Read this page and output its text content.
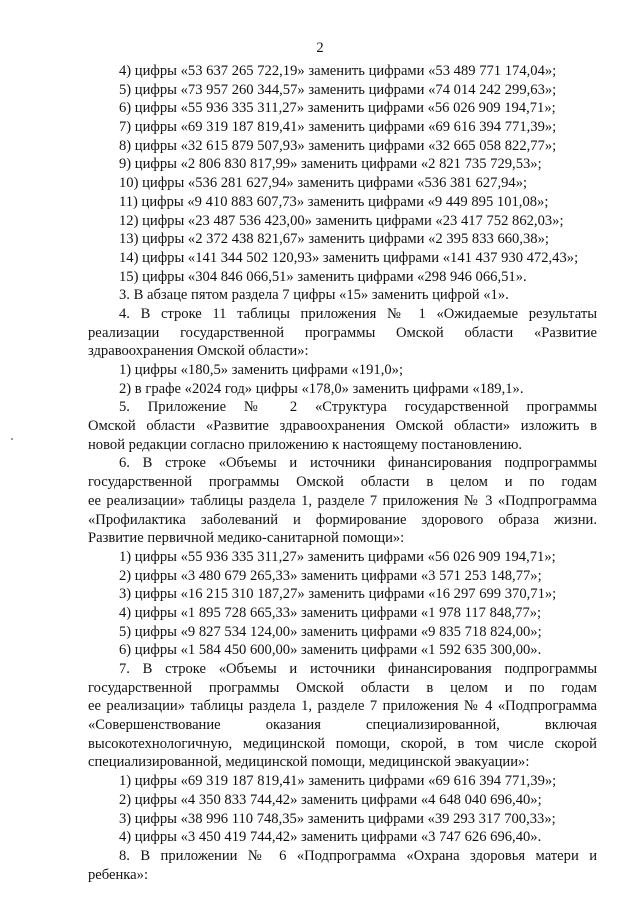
2
4) цифры «53 637 265 722,19» заменить цифрами «53 489 771 174,04»;
5) цифры «73 957 260 344,57» заменить цифрами «74 014 242 299,63»;
6) цифры «55 936 335 311,27» заменить цифрами «56 026 909 194,71»;
7) цифры «69 319 187 819,41» заменить цифрами «69 616 394 771,39»;
8) цифры «32 615 879 507,93» заменить цифрами «32 665 058 822,77»;
9) цифры «2 806 830 817,99» заменить цифрами «2 821 735 729,53»;
10) цифры «536 281 627,94» заменить цифрами «536 381 627,94»;
11) цифры «9 410 883 607,73» заменить цифрами «9 449 895 101,08»;
12) цифры «23 487 536 423,00» заменить цифрами «23 417 752 862,03»;
13) цифры «2 372 438 821,67» заменить цифрами «2 395 833 660,38»;
14) цифры «141 344 502 120,93» заменить цифрами «141 437 930 472,43»;
15) цифры «304 846 066,51» заменить цифрами «298 946 066,51».
3. В абзаце пятом раздела 7 цифры «15» заменить цифрой «1».
4. В строке 11 таблицы приложения № 1 «Ожидаемые результаты
реализации государственной программы Омской области «Развитие
здравоохранения Омской области»:
1) цифры «180,5» заменить цифрами «191,0»;
2) в графе «2024 год» цифры «178,0» заменить цифрами «189,1».
5. Приложение № 2 «Структура государственной программы
Омской области «Развитие здравоохранения Омской области» изложить в
новой редакции согласно приложению к настоящему постановлению.
6. В строке «Объемы и источники финансирования подпрограммы
государственной программы Омской области в целом и по годам
ее реализации» таблицы раздела 1, разделе 7 приложения № 3 «Подпрограмма
«Профилактика заболеваний и формирование здорового образа жизни.
Развитие первичной медико-санитарной помощи»:
1) цифры «55 936 335 311,27» заменить цифрами «56 026 909 194,71»;
2) цифры «3 480 679 265,33» заменить цифрами «3 571 253 148,77»;
3) цифры «16 215 310 187,27» заменить цифрами «16 297 699 370,71»;
4) цифры «1 895 728 665,33» заменить цифрами «1 978 117 848,77»;
5) цифры «9 827 534 124,00» заменить цифрами «9 835 718 824,00»;
6) цифры «1 584 450 600,00» заменить цифрами «1 592 635 300,00».
7. В строке «Объемы и источники финансирования подпрограммы
государственной программы Омской области в целом и по годам
ее реализации» таблицы раздела 1, разделе 7 приложения № 4 «Подпрограмма
«Совершенствование оказания специализированной, включая
высокотехнологичную, медицинской помощи, скорой, в том числе скорой
специализированной, медицинской помощи, медицинской эвакуации»:
1) цифры «69 319 187 819,41» заменить цифрами «69 616 394 771,39»;
2) цифры «4 350 833 744,42» заменить цифрами «4 648 040 696,40»;
3) цифры «38 996 110 748,35» заменить цифрами «39 293 317 700,33»;
4) цифры «3 450 419 744,42» заменить цифрами «3 747 626 696,40».
8. В приложении № 6 «Подпрограмма «Охрана здоровья матери и
ребенка»:
